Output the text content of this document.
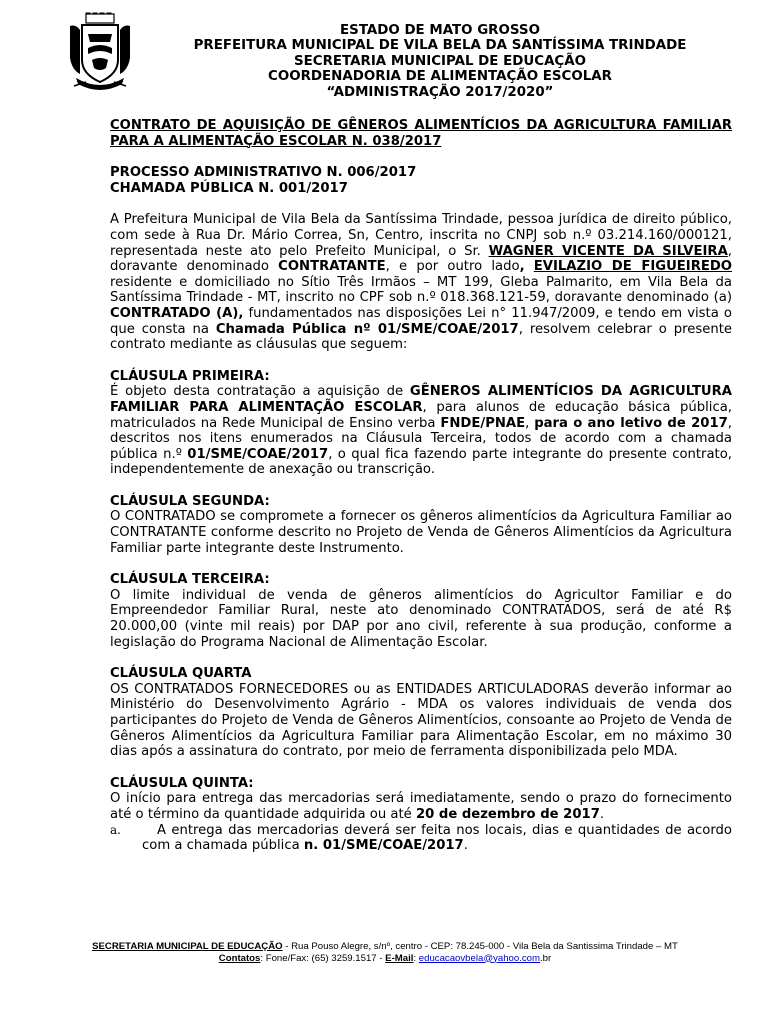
ESTADO DE MATO GROSSO
PREFEITURA MUNICIPAL DE VILA BELA DA SANTÍSSIMA TRINDADE
SECRETARIA MUNICIPAL DE EDUCAÇÃO
COORDENADORIA DE ALIMENTAÇÃO ESCOLAR
“ADMINISTRAÇÃO 2017/2020”

CONTRATO DE AQUISIÇÃO DE GÊNEROS ALIMENTÍCIOS DA AGRICULTURA FAMILIAR PARA A ALIMENTAÇÃO ESCOLAR N. 038/2017

PROCESSO ADMINISTRATIVO N. 006/2017
CHAMADA PÚBLICA N. 001/2017

A Prefeitura Municipal de Vila Bela da Santíssima Trindade, pessoa jurídica de direito público, com sede à Rua Dr. Mário Correa, Sn, Centro, inscrita no CNPJ sob n.º 03.214.160/000121, representada neste ato pelo Prefeito Municipal, o Sr. WAGNER VICENTE DA SILVEIRA, doravante denominado CONTRATANTE, e por outro lado, EVILAZIO DE FIGUEIREDO residente e domiciliado no Sítio Três Irmãos – MT 199, Gleba Palmarito, em Vila Bela da Santíssima Trindade - MT, inscrito no CPF sob n.º 018.368.121-59, doravante denominado (a) CONTRATADO (A), fundamentados nas disposições Lei n° 11.947/2009, e tendo em vista o que consta na Chamada Pública nº 01/SME/COAE/2017, resolvem celebrar o presente contrato mediante as cláusulas que seguem:

CLÁUSULA PRIMEIRA:

É objeto desta contratação a aquisição de GÊNEROS ALIMENTÍCIOS DA AGRICULTURA FAMILIAR PARA ALIMENTAÇÃO ESCOLAR, para alunos de educação básica pública, matriculados na Rede Municipal de Ensino verba FNDE/PNAE, para o ano letivo de 2017, descritos nos itens enumerados na Cláusula Terceira, todos de acordo com a chamada pública n.º 01/SME/COAE/2017, o qual fica fazendo parte integrante do presente contrato, independentemente de anexação ou transcrição.

CLÁUSULA SEGUNDA:

O CONTRATADO se compromete a fornecer os gêneros alimentícios da Agricultura Familiar ao CONTRATANTE conforme descrito no Projeto de Venda de Gêneros Alimentícios da Agricultura Familiar parte integrante deste Instrumento.

CLÁUSULA TERCEIRA:

O limite individual de venda de gêneros alimentícios do Agricultor Familiar e do Empreendedor Familiar Rural, neste ato denominado CONTRATADOS, será de até R$ 20.000,00 (vinte mil reais) por DAP por ano civil, referente à sua produção, conforme a legislação do Programa Nacional de Alimentação Escolar.

CLÁUSULA QUARTA

OS CONTRATADOS FORNECEDORES ou as ENTIDADES ARTICULADORAS deverão informar ao Ministério do Desenvolvimento Agrário - MDA os valores individuais de venda dos participantes do Projeto de Venda de Gêneros Alimentícios, consoante ao Projeto de Venda de Gêneros Alimentícios da Agricultura Familiar para Alimentação Escolar, em no máximo 30 dias após a assinatura do contrato, por meio de ferramenta disponibilizada pelo MDA.

CLÁUSULA QUINTA:

O início para entrega das mercadorias será imediatamente, sendo o prazo do fornecimento até o término da quantidade adquirida ou até 20 de dezembro de 2017.

a.	A entrega das mercadorias deverá ser feita nos locais, dias e quantidades de acordo com a chamada pública n. 01/SME/COAE/2017.

SECRETARIA MUNICIPAL DE EDUCAÇÃO - Rua Pouso Alegre, s/nº, centro - CEP: 78.245-000 - Vila Bela da Santissima Trindade – MT
Contatos: Fone/Fax: (65) 3259.1517 - E-Mail: educacaovbela@yahoo.com.br
